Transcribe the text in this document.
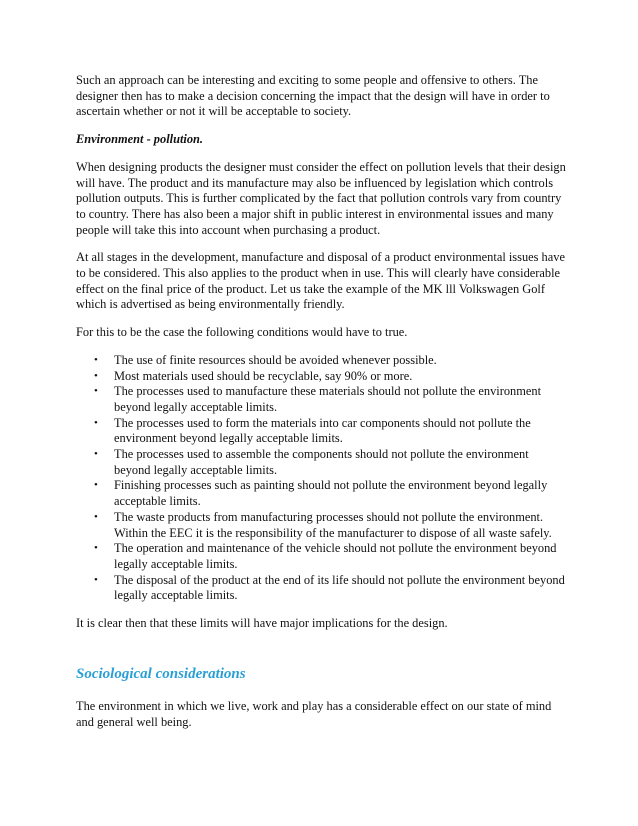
Such an approach can be interesting and exciting to some people and offensive to others. The designer then has to make a decision concerning the impact that the design will have in order to ascertain whether or not it will be acceptable to society.

Environment - pollution.

When designing products the designer must consider the effect on pollution levels that their design will have. The product and its manufacture may also be influenced by legislation which controls pollution outputs. This is further complicated by the fact that pollution controls vary from country to country. There has also been a major shift in public interest in environmental issues and many people will take this into account when purchasing a product.

At all stages in the development, manufacture and disposal of a product environmental issues have to be considered. This also applies to the product when in use. This will clearly have considerable effect on the final price of the product. Let us take the example of the MK lll Volkswagen Golf which is advertised as being environmentally friendly.

For this to be the case the following conditions would have to true.

• The use of finite resources should be avoided whenever possible.
• Most materials used should be recyclable, say 90% or more.
• The processes used to manufacture these materials should not pollute the environment beyond legally acceptable limits.
• The processes used to form the materials into car components should not pollute the environment beyond legally acceptable limits.
• The processes used to assemble the components should not pollute the environment beyond legally acceptable limits.
• Finishing processes such as painting should not pollute the environment beyond legally acceptable limits.
• The waste products from manufacturing processes should not pollute the environment. Within the EEC it is the responsibility of the manufacturer to dispose of all waste safely.
• The operation and maintenance of the vehicle should not pollute the environment beyond legally acceptable limits.
• The disposal of the product at the end of its life should not pollute the environment beyond legally acceptable limits.

It is clear then that these limits will have major implications for the design.

Sociological considerations

The environment in which we live, work and play has a considerable effect on our state of mind and general well being.
